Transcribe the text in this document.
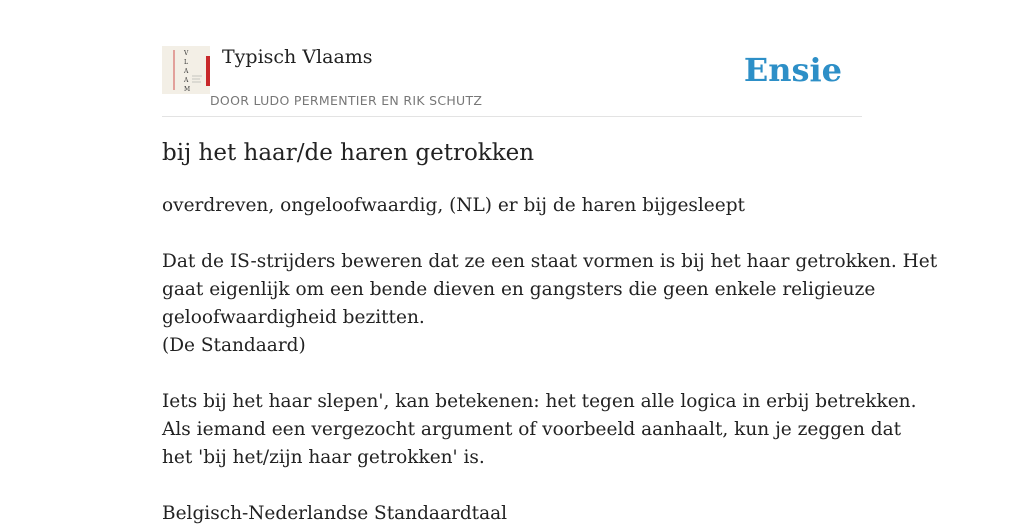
V
L
A
A
M
Typisch Vlaams
DOOR LUDO PERMENTIER EN RIK SCHUTZ
Ensie
bij het haar/de haren getrokken
overdreven, ongeloofwaardig, (NL) er bij de haren bijgesleept
Dat de IS-strijders beweren dat ze een staat vormen is bij het haar getrokken. Het
gaat eigenlijk om een bende dieven en gangsters die geen enkele religieuze
geloofwaardigheid bezitten.
(De Standaard)
Iets bij het haar slepen', kan betekenen: het tegen alle logica in erbij betrekken.
Als iemand een vergezocht argument of voorbeeld aanhaalt, kun je zeggen dat
het 'bij het/zijn haar getrokken' is.
Belgisch-Nederlandse Standaardtaal
